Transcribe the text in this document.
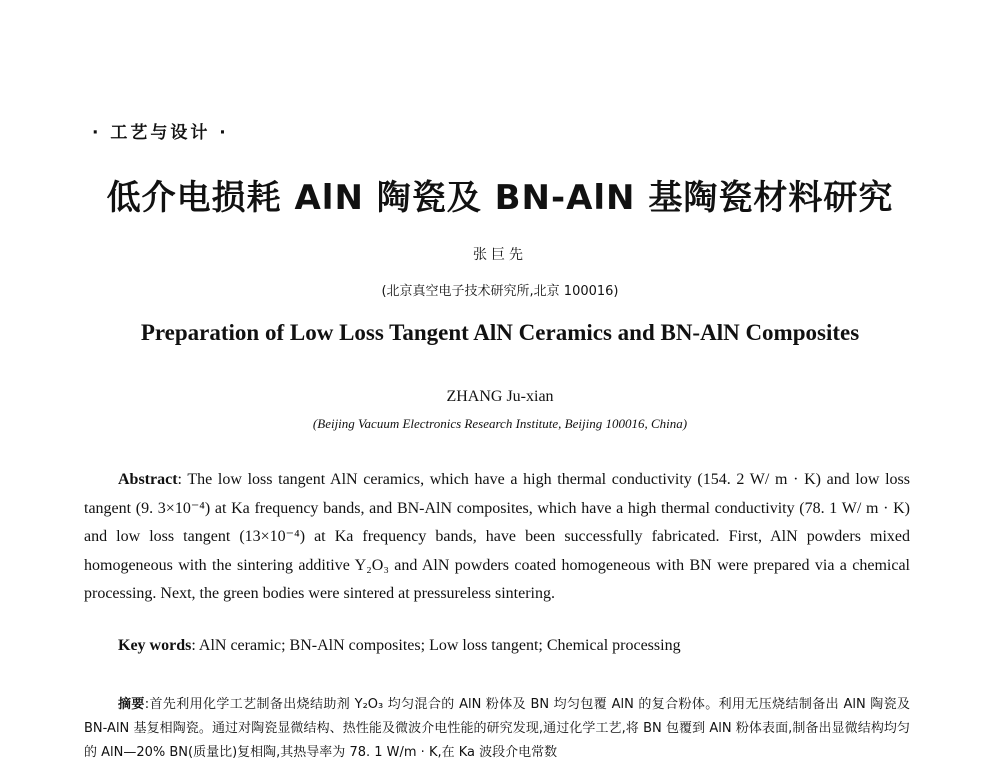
· 工艺与设计 ·
低介电损耗 AlN 陶瓷及 BN-AlN 基陶瓷材料研究
张巨先
(北京真空电子技术研究所,北京 100016)
Preparation of Low Loss Tangent AlN Ceramics and BN-AlN Composites
ZHANG Ju-xian
(Beijing Vacuum Electronics Research Institute, Beijing 100016, China)

Abstract: The low loss tangent AlN ceramics, which have a high thermal conductivity (154. 2 W/ m · K) and low loss tangent (9. 3×10⁻⁴) at Ka frequency bands, and BN-AlN composites, which have a high thermal conductivity (78. 1 W/ m · K) and low loss tangent (13×10⁻⁴) at Ka frequency bands, have been successfully fabricated. First, AlN powders mixed homogeneous with the sintering additive Y₂O₃ and AlN powders coated homogeneous with BN were prepared via a chemical processing. Next, the green bodies were sintered at pressureless sintering.

Key words: AlN ceramic; BN-AlN composites; Low loss tangent; Chemical processing

摘要:首先利用化学工艺制备出烧结助剂 Y₂O₃ 均匀混合的 AlN 粉体及 BN 均匀包覆 AlN 的复合粉体。利用无压烧结制备出 AlN 陶瓷及 BN-AlN 基复相陶瓷。通过对陶瓷显微结构、热性能及微波介电性能的研究发现,通过化学工艺,将 BN 包覆到 AlN 粉体表面,制备出显微结构均匀的 AlN—20% BN(质量比)复相陶,其热导率为 78. 1 W/m · K,在 Ka 波段介电常数
